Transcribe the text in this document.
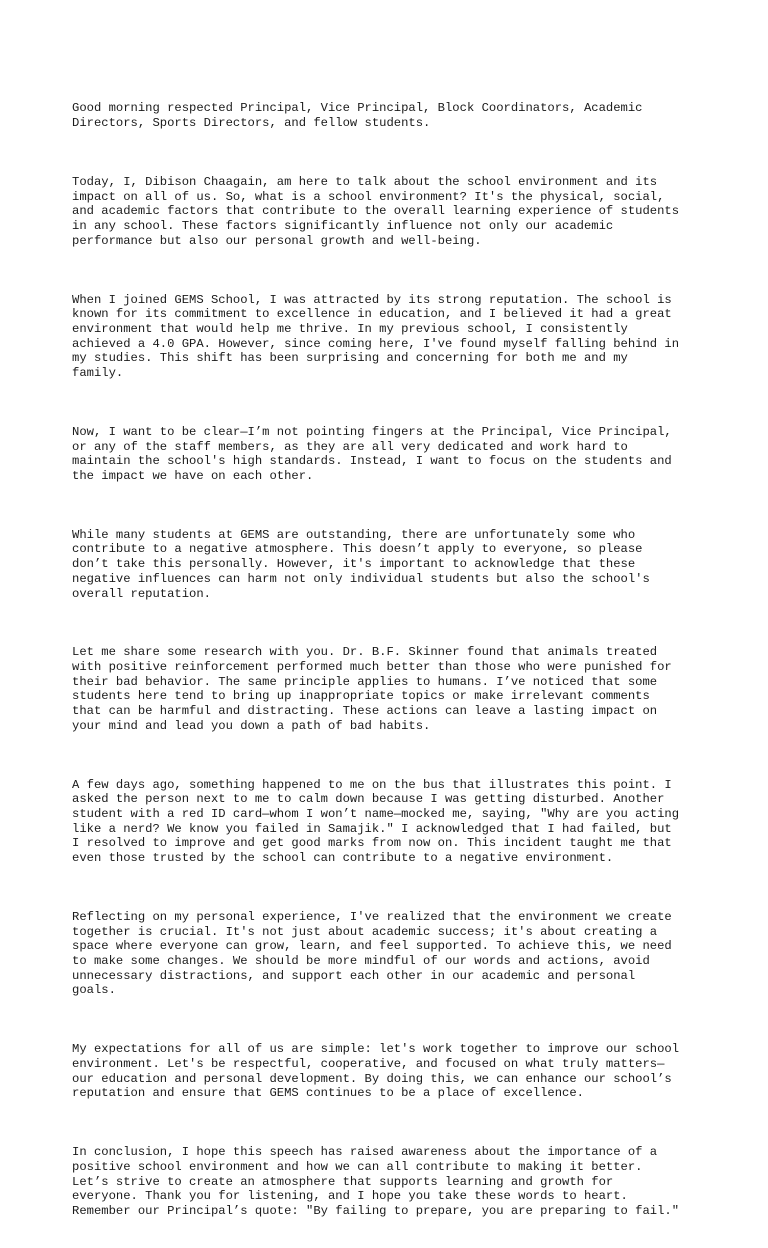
Good morning respected Principal, Vice Principal, Block Coordinators, Academic
Directors, Sports Directors, and fellow students.

Today, I, Dibison Chaagain, am here to talk about the school environment and its
impact on all of us. So, what is a school environment? It's the physical, social,
and academic factors that contribute to the overall learning experience of students
in any school. These factors significantly influence not only our academic
performance but also our personal growth and well-being.

When I joined GEMS School, I was attracted by its strong reputation. The school is
known for its commitment to excellence in education, and I believed it had a great
environment that would help me thrive. In my previous school, I consistently
achieved a 4.0 GPA. However, since coming here, I've found myself falling behind in
my studies. This shift has been surprising and concerning for both me and my
family.

Now, I want to be clear—I’m not pointing fingers at the Principal, Vice Principal,
or any of the staff members, as they are all very dedicated and work hard to
maintain the school's high standards. Instead, I want to focus on the students and
the impact we have on each other.

While many students at GEMS are outstanding, there are unfortunately some who
contribute to a negative atmosphere. This doesn’t apply to everyone, so please
don’t take this personally. However, it's important to acknowledge that these
negative influences can harm not only individual students but also the school's
overall reputation.

Let me share some research with you. Dr. B.F. Skinner found that animals treated
with positive reinforcement performed much better than those who were punished for
their bad behavior. The same principle applies to humans. I’ve noticed that some
students here tend to bring up inappropriate topics or make irrelevant comments
that can be harmful and distracting. These actions can leave a lasting impact on
your mind and lead you down a path of bad habits.

A few days ago, something happened to me on the bus that illustrates this point. I
asked the person next to me to calm down because I was getting disturbed. Another
student with a red ID card—whom I won’t name—mocked me, saying, "Why are you acting
like a nerd? We know you failed in Samajik." I acknowledged that I had failed, but
I resolved to improve and get good marks from now on. This incident taught me that
even those trusted by the school can contribute to a negative environment.

Reflecting on my personal experience, I've realized that the environment we create
together is crucial. It's not just about academic success; it's about creating a
space where everyone can grow, learn, and feel supported. To achieve this, we need
to make some changes. We should be more mindful of our words and actions, avoid
unnecessary distractions, and support each other in our academic and personal
goals.

My expectations for all of us are simple: let's work together to improve our school
environment. Let's be respectful, cooperative, and focused on what truly matters—
our education and personal development. By doing this, we can enhance our school’s
reputation and ensure that GEMS continues to be a place of excellence.

In conclusion, I hope this speech has raised awareness about the importance of a
positive school environment and how we can all contribute to making it better.
Let’s strive to create an atmosphere that supports learning and growth for
everyone. Thank you for listening, and I hope you take these words to heart.
Remember our Principal’s quote: "By failing to prepare, you are preparing to fail."
